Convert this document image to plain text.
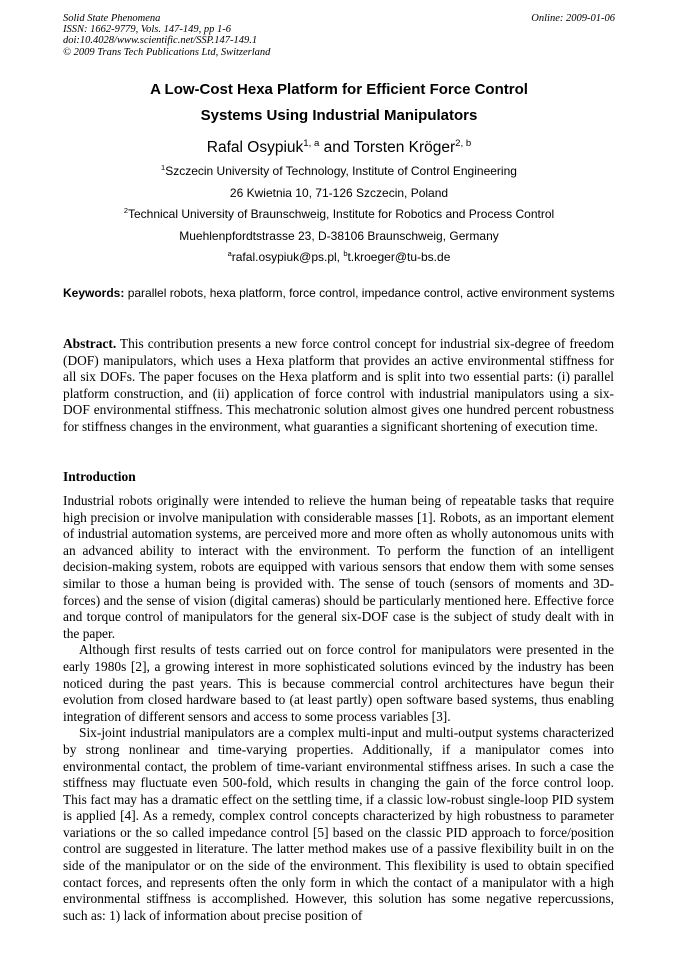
Solid State Phenomena
ISSN: 1662-9779, Vols. 147-149, pp 1-6
doi:10.4028/www.scientific.net/SSP.147-149.1
© 2009 Trans Tech Publications Ltd, Switzerland
Online: 2009-01-06
A Low-Cost Hexa Platform for Efficient Force Control
Systems Using Industrial Manipulators
Rafal Osypiuk$^{1, a}$ and Torsten Kröger$^{2, b}$
$^1$Szczecin University of Technology, Institute of Control Engineering
26 Kwietnia 10, 71-126 Szczecin, Poland
$^2$Technical University of Braunschweig, Institute for Robotics and Process Control
Muehlenpfordtstrasse 23, D-38106 Braunschweig, Germany
$^a$rafal.osypiuk@ps.pl, $^b$t.kroeger@tu-bs.de
Keywords: parallel robots, hexa platform, force control, impedance control, active environment systems

Abstract. This contribution presents a new force control concept for industrial six-degree of freedom (DOF) manipulators, which uses a Hexa platform that provides an active environmental stiffness for all six DOFs. The paper focuses on the Hexa platform and is split into two essential parts: (i) parallel platform construction, and (ii) application of force control with industrial manipulators using a six-DOF environmental stiffness. This mechatronic solution almost gives one hundred percent robustness for stiffness changes in the environment, what guaranties a significant shortening of execution time.

Introduction

Industrial robots originally were intended to relieve the human being of repeatable tasks that require high precision or involve manipulation with considerable masses [1]. Robots, as an important element of industrial automation systems, are perceived more and more often as wholly autonomous units with an advanced ability to interact with the environment. To perform the function of an intelligent decision-making system, robots are equipped with various sensors that endow them with some senses similar to those a human being is provided with. The sense of touch (sensors of moments and 3D-forces) and the sense of vision (digital cameras) should be particularly mentioned here. Effective force and torque control of manipulators for the general six-DOF case is the subject of study dealt with in the paper.

Although first results of tests carried out on force control for manipulators were presented in the early 1980s [2], a growing interest in more sophisticated solutions evinced by the industry has been noticed during the past years. This is because commercial control architectures have begun their evolution from closed hardware based to (at least partly) open software based systems, thus enabling integration of different sensors and access to some process variables [3].

Six-joint industrial manipulators are a complex multi-input and multi-output systems characterized by strong nonlinear and time-varying properties. Additionally, if a manipulator comes into environmental contact, the problem of time-variant environmental stiffness arises. In such a case the stiffness may fluctuate even 500-fold, which results in changing the gain of the force control loop. This fact may has a dramatic effect on the settling time, if a classic low-robust single-loop PID system is applied [4]. As a remedy, complex control concepts characterized by high robustness to parameter variations or the so called impedance control [5] based on the classic PID approach to force/position control are suggested in literature. The latter method makes use of a passive flexibility built in on the side of the manipulator or on the side of the environment. This flexibility is used to obtain specified contact forces, and represents often the only form in which the contact of a manipulator with a high environmental stiffness is accomplished. However, this solution has some negative repercussions, such as: 1) lack of information about precise position of
